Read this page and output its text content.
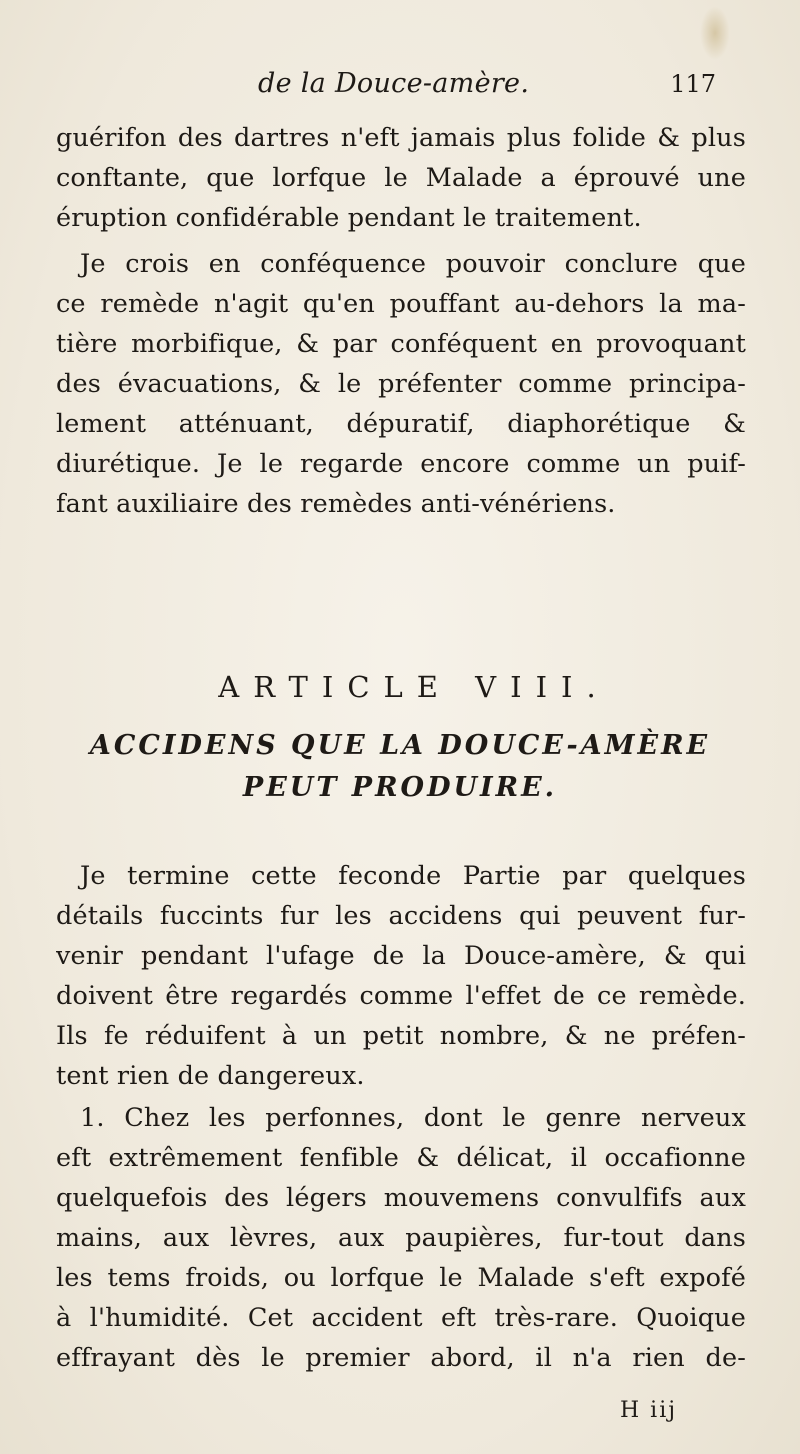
de la Douce-amère.	117
guérifon des dartres n'eft jamais plus folide & plus
conftante, que lorfque le Malade a éprouvé une
éruption confidérable pendant le traitement.
Je crois en conféquence pouvoir conclure que
ce remède n'agit qu'en pouffant au-dehors la ma-
tière morbifique, & par conféquent en provoquant
des évacuations, & le préfenter comme principa-
lement atténuant, dépuratif, diaphorétique &
diurétique. Je le regarde encore comme un puif-
fant auxiliaire des remèdes anti-vénériens.
ARTICLE VIII.
ACCIDENS QUE LA DOUCE-AMÈRE
PEUT PRODUIRE.
Je termine cette feconde Partie par quelques
détails fuccints fur les accidens qui peuvent fur-
venir pendant l'ufage de la Douce-amère, & qui
doivent être regardés comme l'effet de ce remède.
Ils fe réduifent à un petit nombre, & ne préfen-
tent rien de dangereux.
1. Chez les perfonnes, dont le genre nerveux
eft extrêmement fenfible & délicat, il occafionne
quelquefois des légers mouvemens convulfifs aux
mains, aux lèvres, aux paupières, fur-tout dans
les tems froids, ou lorfque le Malade s'eft expofé
à l'humidité. Cet accident eft très-rare. Quoique
effrayant dès le premier abord, il n'a rien de-
H iij
